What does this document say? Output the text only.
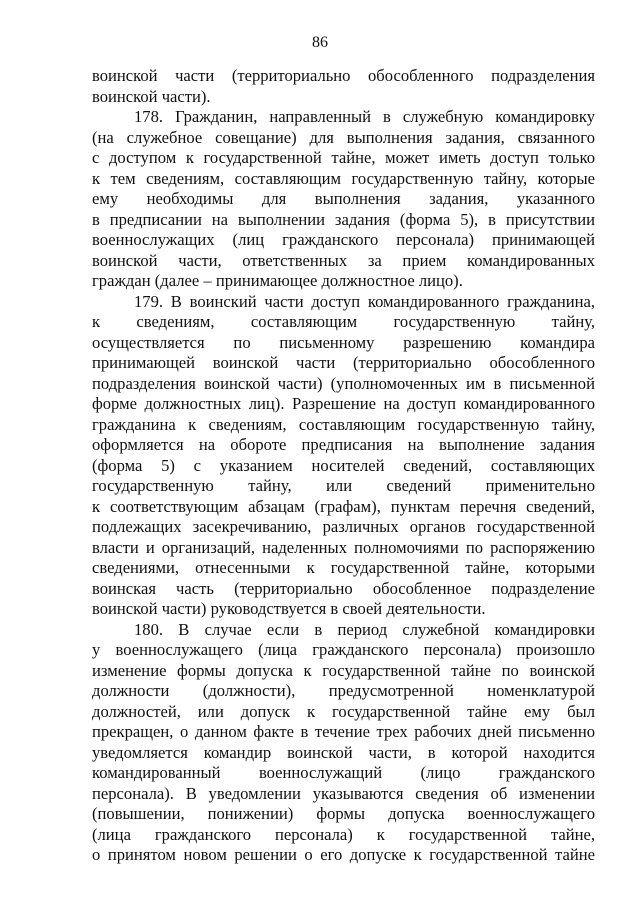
86
воинской части (территориально обособленного подразделения
воинской части).
178. Гражданин, направленный в служебную командировку
(на служебное совещание) для выполнения задания, связанного
с доступом к государственной тайне, может иметь доступ только
к тем сведениям, составляющим государственную тайну, которые
ему необходимы для выполнения задания, указанного
в предписании на выполнении задания (форма 5), в присутствии
военнослужащих (лиц гражданского персонала) принимающей
воинской части, ответственных за прием командированных
граждан (далее – принимающее должностное лицо).
179. В воинский части доступ командированного гражданина,
к сведениям, составляющим государственную тайну,
осуществляется по письменному разрешению командира
принимающей воинской части (территориально обособленного
подразделения воинской части) (уполномоченных им в письменной
форме должностных лиц). Разрешение на доступ командированного
гражданина к сведениям, составляющим государственную тайну,
оформляется на обороте предписания на выполнение задания
(форма 5) с указанием носителей сведений, составляющих
государственную тайну, или сведений применительно
к соответствующим абзацам (графам), пунктам перечня сведений,
подлежащих засекречиванию, различных органов государственной
власти и организаций, наделенных полномочиями по распоряжению
сведениями, отнесенными к государственной тайне, которыми
воинская часть (территориально обособленное подразделение
воинской части) руководствуется в своей деятельности.
180. В случае если в период служебной командировки
у военнослужащего (лица гражданского персонала) произошло
изменение формы допуска к государственной тайне по воинской
должности (должности), предусмотренной номенклатурой
должностей, или допуск к государственной тайне ему был
прекращен, о данном факте в течение трех рабочих дней письменно
уведомляется командир воинской части, в которой находится
командированный военнослужащий (лицо гражданского
персонала). В уведомлении указываются сведения об изменении
(повышении, понижении) формы допуска военнослужащего
(лица гражданского персонала) к государственной тайне,
о принятом новом решении о его допуске к государственной тайне
